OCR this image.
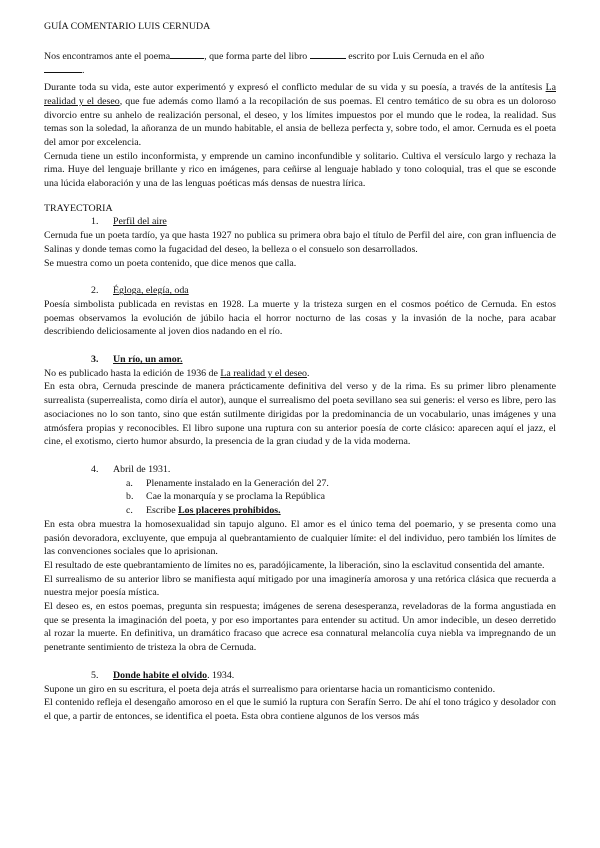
GUÍA COMENTARIO LUIS CERNUDA

Nos encontramos ante el poema	, que forma parte del libro	escrito por Luis Cernuda en el año
.

Durante toda su vida, este autor experimentó y expresó el conflicto medular de su vida y su poesía, a través de la antítesis La realidad y el deseo, que fue además como llamó a la recopilación de sus poemas. El centro temático de su obra es un doloroso divorcio entre su anhelo de realización personal, el deseo, y los límites impuestos por el mundo que le rodea, la realidad. Sus temas son la soledad, la añoranza de un mundo habitable, el ansia de belleza perfecta y, sobre todo, el amor. Cernuda es el poeta del amor por excelencia.

Cernuda tiene un estilo inconformista, y emprende un camino inconfundible y solitario. Cultiva el versículo largo y rechaza la rima. Huye del lenguaje brillante y rico en imágenes, para ceñirse al lenguaje hablado y tono coloquial, tras el que se esconde una lúcida elaboración y una de las lenguas poéticas más densas de nuestra lírica.

TRAYECTORIA

1. Perfil del aire

Cernuda fue un poeta tardío, ya que hasta 1927 no publica su primera obra bajo el título de Perfil del aire, con gran influencia de Salinas y donde temas como la fugacidad del deseo, la belleza o el consuelo son desarrollados.

Se muestra como un poeta contenido, que dice menos que calla.

2. Égloga, elegía, oda

Poesía simbolista publicada en revistas en 1928. La muerte y la tristeza surgen en el cosmos poético de Cernuda. En estos poemas observamos la evolución de júbilo hacia el horror nocturno de las cosas y la invasión de la noche, para acabar describiendo deliciosamente al joven dios nadando en el río.

3. Un río, un amor.

No es publicado hasta la edición de 1936 de La realidad y el deseo.

En esta obra, Cernuda prescinde de manera prácticamente definitiva del verso y de la rima. Es su primer libro plenamente surrealista (superrealista, como diría el autor), aunque el surrealismo del poeta sevillano sea sui generis: el verso es libre, pero las asociaciones no lo son tanto, sino que están sutilmente dirigidas por la predominancia de un vocabulario, unas imágenes y una atmósfera propias y reconocibles. El libro supone una ruptura con su anterior poesía de corte clásico: aparecen aquí el jazz, el cine, el exotismo, cierto humor absurdo, la presencia de la gran ciudad y de la vida moderna.

4. Abril de 1931.

a. Plenamente instalado en la Generación del 27.
b. Cae la monarquía y se proclama la República
c. Escribe Los placeres prohibidos.

En esta obra muestra la homosexualidad sin tapujo alguno. El amor es el único tema del poemario, y se presenta como una pasión devoradora, excluyente, que empuja al quebrantamiento de cualquier límite: el del individuo, pero también los límites de las convenciones sociales que lo aprisionan.

El resultado de este quebrantamiento de límites no es, paradójicamente, la liberación, sino la esclavitud consentida del amante.

El surrealismo de su anterior libro se manifiesta aquí mitigado por una imaginería amorosa y una retórica clásica que recuerda a nuestra mejor poesía mística.

El deseo es, en estos poemas, pregunta sin respuesta; imágenes de serena desesperanza, reveladoras de la forma angustiada en que se presenta la imaginación del poeta, y por eso importantes para entender su actitud. Un amor indecible, un deseo derretido al rozar la muerte. En definitiva, un dramático fracaso que acrece esa connatural melancolía cuya niebla va impregnando de un penetrante sentimiento de tristeza la obra de Cernuda.

5. Donde habite el olvido. 1934.

Supone un giro en su escritura, el poeta deja atrás el surrealismo para orientarse hacia un romanticismo contenido.

El contenido refleja el desengaño amoroso en el que le sumió la ruptura con Serafín Serro. De ahí el tono trágico y desolador con el que, a partir de entonces, se identifica el poeta. Esta obra contiene algunos de los versos más
